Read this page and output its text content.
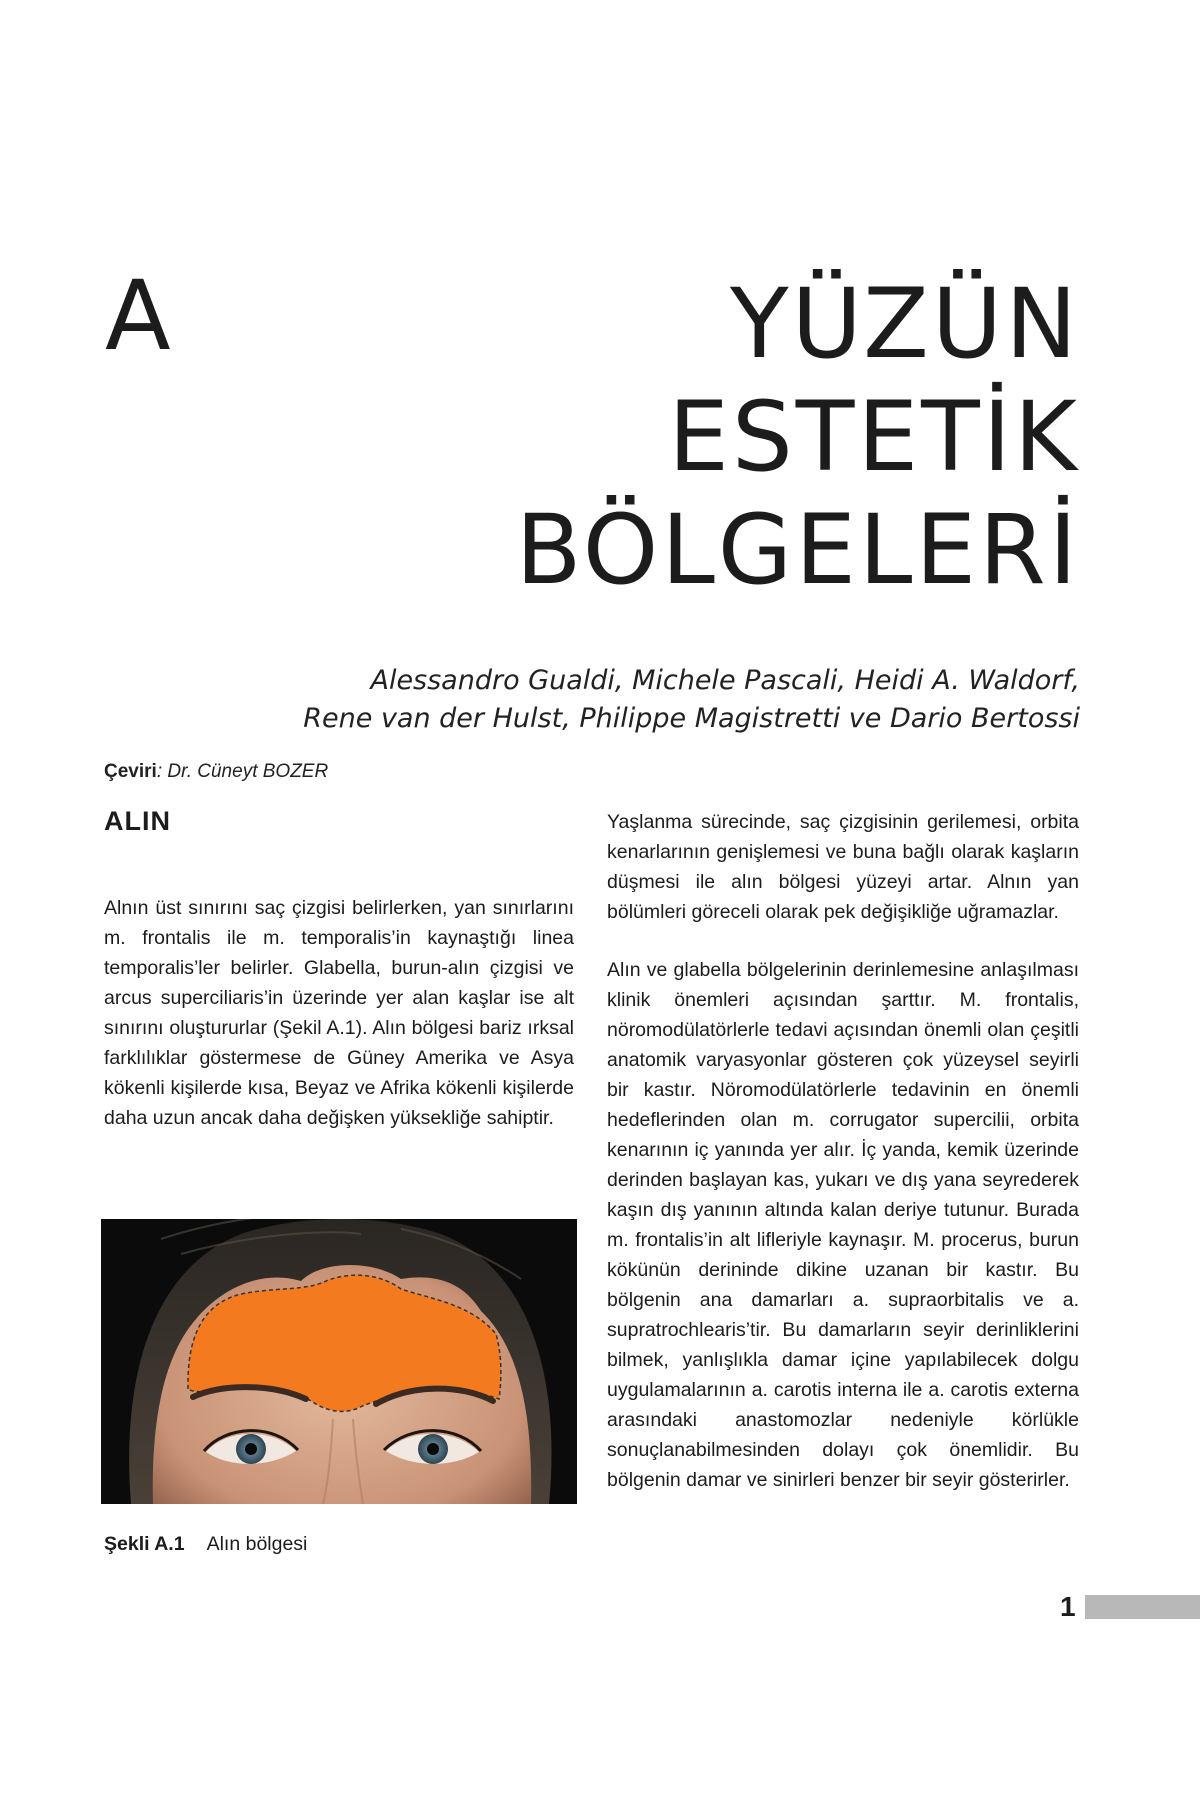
A	YÜZÜN
ESTETİK
BÖLGELERİ
Alessandro Gualdi, Michele Pascali, Heidi A. Waldorf,
Rene van der Hulst, Philippe Magistretti ve Dario Bertossi
Çeviri: Dr. Cüneyt BOZER
ALIN

Alnın üst sınırını saç çizgisi belirlerken, yan sınırlarını m. frontalis ile m. temporalis’in kaynaştığı linea temporalis’ler belirler. Glabella, burun-alın çizgisi ve arcus superciliaris’in üzerinde yer alan kaşlar ise alt sınırını oluştururlar (Şekil A.1). Alın bölgesi bariz ırksal farklılıklar göstermese de Güney Amerika ve Asya kökenli kişilerde kısa, Beyaz ve Afrika kökenli kişilerde daha uzun ancak daha değişken yüksekliğe sahiptir.

Yaşlanma sürecinde, saç çizgisinin gerilemesi, orbita kenarlarının genişlemesi ve buna bağlı olarak kaşların düşmesi ile alın bölgesi yüzeyi artar. Alnın yan bölümleri göreceli olarak pek değişikliğe uğramazlar.

Alın ve glabella bölgelerinin derinlemesine anlaşılması klinik önemleri açısından şarttır. M. frontalis, nöromodülatörlerle tedavi açısından önemli olan çeşitli anatomik varyasyonlar gösteren çok yüzeysel seyirli bir kastır. Nöromodülatörlerle tedavinin en önemli hedeflerinden olan m. corrugator supercilii, orbita kenarının iç yanında yer alır. İç yanda, kemik üzerinde derinden başlayan kas, yukarı ve dış yana seyrederek kaşın dış yanının altında kalan deriye tutunur. Burada m. frontalis’in alt lifleriyle kaynaşır. M. procerus, burun kökünün derininde dikine uzanan bir kastır. Bu bölgenin ana damarları a. supraorbitalis ve a. supratrochlearis’tir. Bu damarların seyir derinliklerini bilmek, yanlışlıkla damar içine yapılabilecek dolgu uygulamalarının a. carotis interna ile a. carotis externa arasındaki anastomozlar nedeniyle körlükle sonuçlanabilmesinden dolayı çok önemlidir. Bu bölgenin damar ve sinirleri benzer bir seyir gösterirler.

Şekli A.1 Alın bölgesi
1
